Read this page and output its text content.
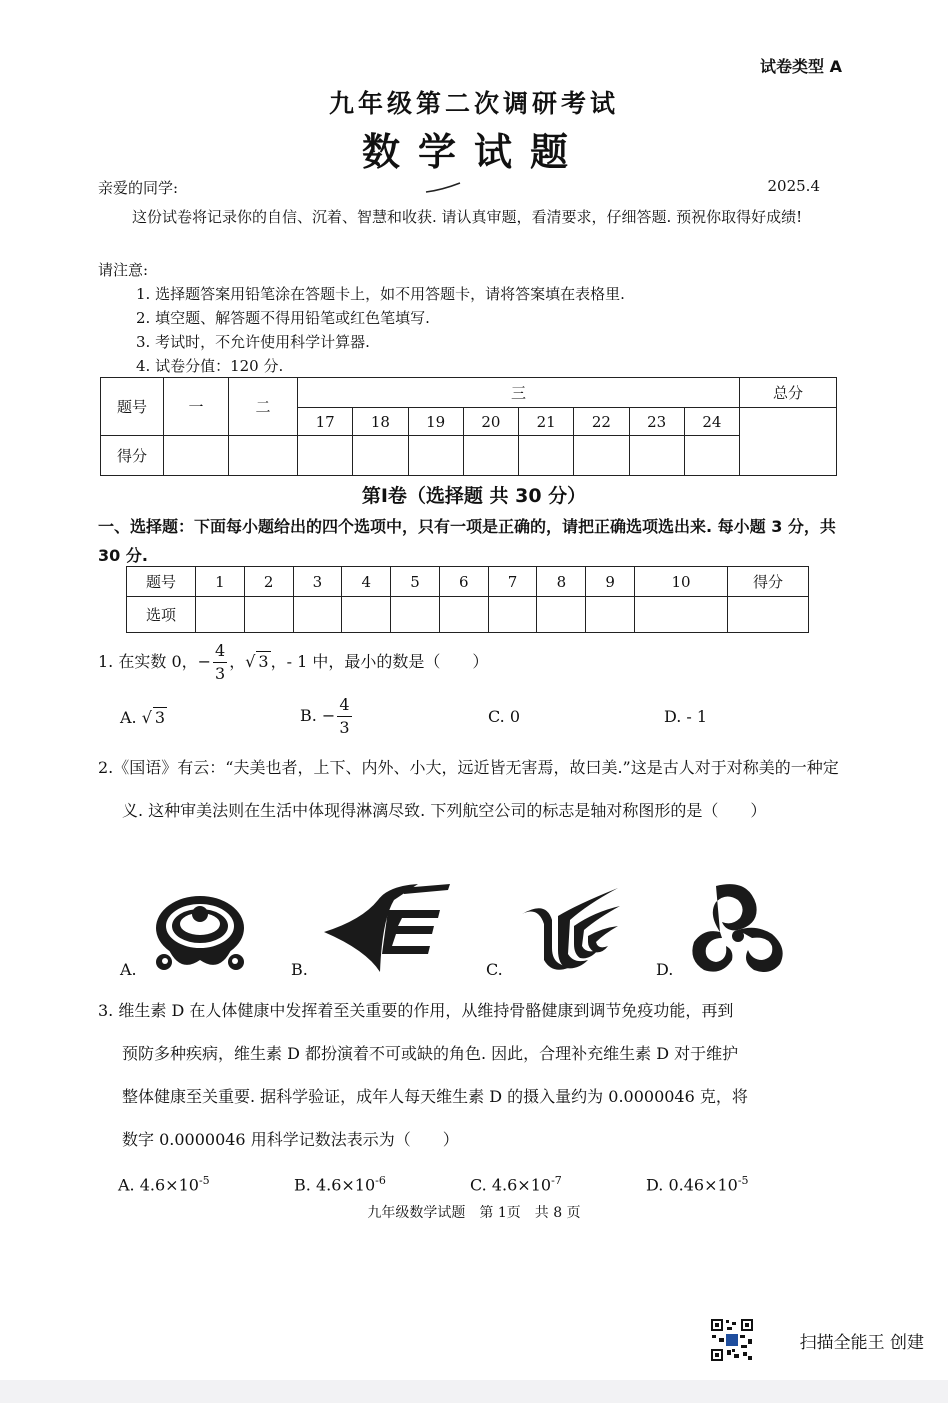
试卷类型 A
九年级第二次调研考试
数学试题
亲爱的同学:	2025.4
这份试卷将记录你的自信、沉着、智慧和收获. 请认真审题，看清要求，仔细答题. 预祝你取得好成绩!
请注意:
1. 选择题答案用铅笔涂在答题卡上，如不用答题卡，请将答案填在表格里.
2. 填空题、解答题不得用铅笔或红色笔填写.
3. 考试时，不允许使用科学计算器.
4. 试卷分值：120 分.
题号	一	二	三								总分
			17	18	19	20	21	22	23	24	
得分											
第Ⅰ卷（选择题 共 30 分）
一、选择题：下面每小题给出的四个选项中，只有一项是正确的，请把正确选项选出来. 每小题 3 分，共 30 分.
题号	1	2	3	4	5	6	7	8	9	10	得分
选项											
1. 在实数 0，− $\frac{4}{3}$ ，√ 3 ，- 1 中，最小的数是（　　）
A. √ 3	B. − $\frac{4}{3}$	C. 0	D. - 1
2.《国语》有云：“夫美也者，上下、内外、小大，远近皆无害焉，故曰美.”这是古人对于对称美的一种定义. 这种审美法则在生活中体现得淋漓尽致. 下列航空公司的标志是轴对称图形的是（　　）
A.	B.	C.	D.
3. 维生素 D 在人体健康中发挥着至关重要的作用，从维持骨骼健康到调节免疫功能，再到
预防多种疾病，维生素 D 都扮演着不可或缺的角色. 因此，合理补充维生素 D 对于维护
整体健康至关重要. 据科学验证，成年人每天维生素 D 的摄入量约为 0.0000046 克，将
数字 0.0000046 用科学记数法表示为（　　）
A. $4.6\times 10^{-5}$	B. $4.6\times 10^{-6}$	C. $4.6\times 10^{-7}$	D. $0.46\times 10^{-5}$
九年级数学试题　第 1页　共 8 页
扫描全能王 创建
